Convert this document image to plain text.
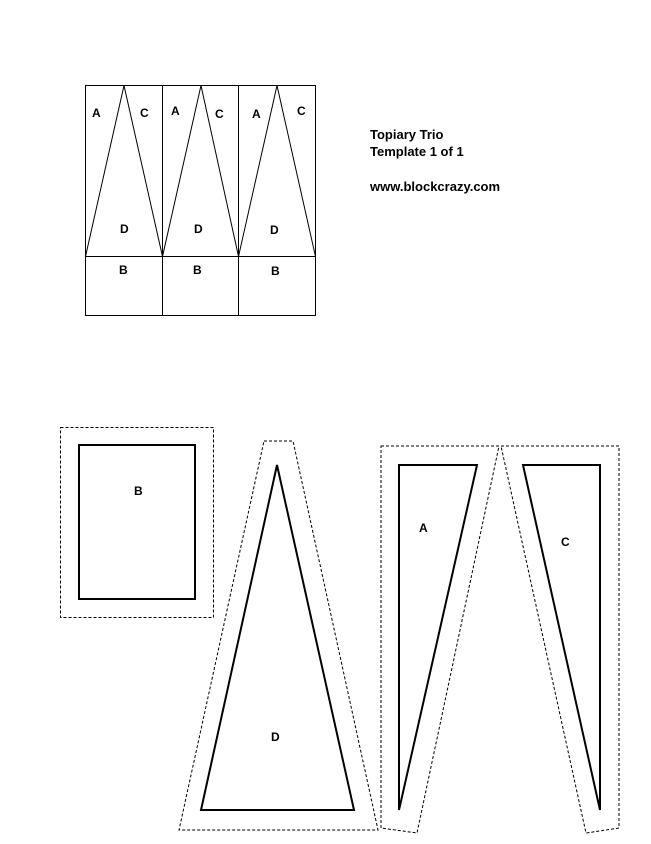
Topiary Trio
Template 1 of 1
www.blockcrazy.com
A	C A	C A	C
D	D	D
B	B	B
B
D
A
C
